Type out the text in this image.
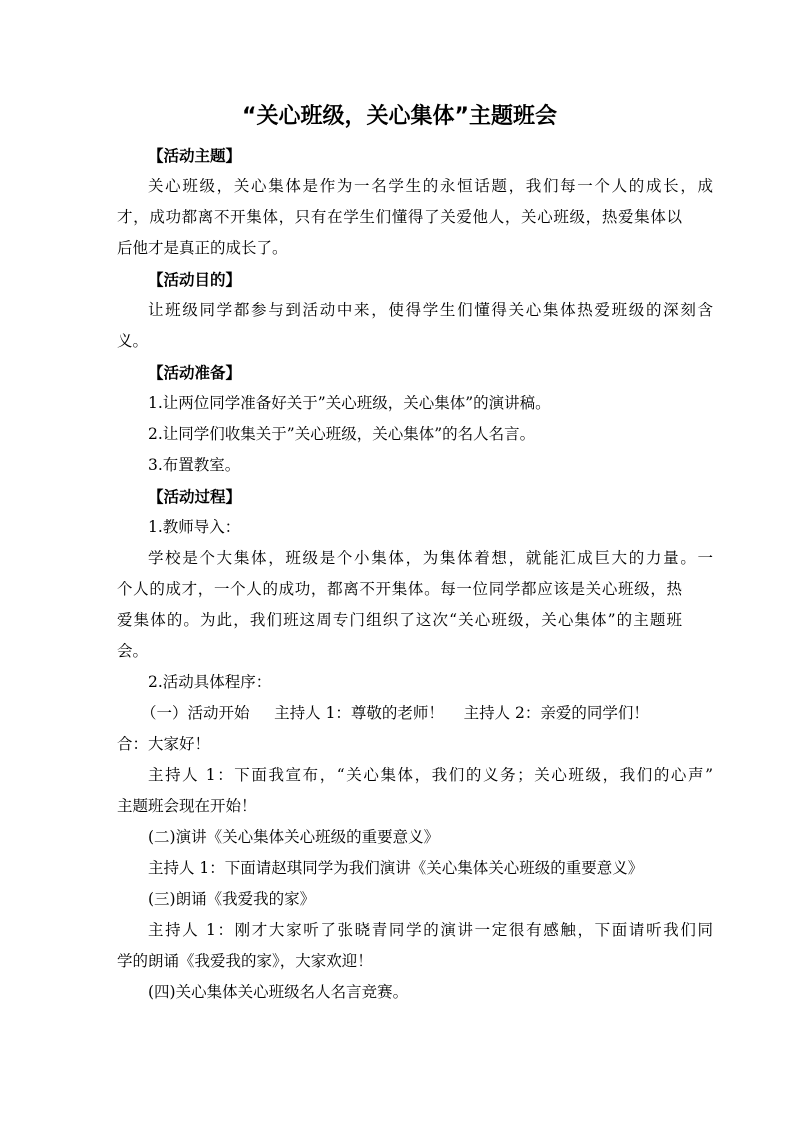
“关心班级，关心集体”主题班会
【活动主题】
关心班级，关心集体是作为一名学生的永恒话题，我们每一个人的成长，成
才，成功都离不开集体，只有在学生们懂得了关爱他人，关心班级，热爱集体以
后他才是真正的成长了。
【活动目的】
让班级同学都参与到活动中来，使得学生们懂得关心集体热爱班级的深刻含
义。
【活动准备】
1.让两位同学准备好关于”关心班级，关心集体”的演讲稿。
2.让同学们收集关于”关心班级，关心集体”的名人名言。
3.布置教室。
【活动过程】
1.教师导入：
学校是个大集体，班级是个小集体，为集体着想，就能汇成巨大的力量。一
个人的成才，一个人的成功，都离不开集体。每一位同学都应该是关心班级，热
爱集体的。为此，我们班这周专门组织了这次“关心班级，关心集体”的主题班
会。
2.活动具体程序：
（一）活动开始     主持人 1：尊敬的老师！    主持人 2：亲爱的同学们！
合：大家好！
主持人 1：下面我宣布，“关心集体，我们的义务；关心班级，我们的心声”
主题班会现在开始！
(二)演讲《关心集体关心班级的重要意义》
主持人 1：下面请赵琪同学为我们演讲《关心集体关心班级的重要意义》
(三)朗诵《我爱我的家》
主持人 1：刚才大家听了张晓青同学的演讲一定很有感触，下面请听我们同
学的朗诵《我爱我的家》，大家欢迎！
(四)关心集体关心班级名人名言竞赛。
